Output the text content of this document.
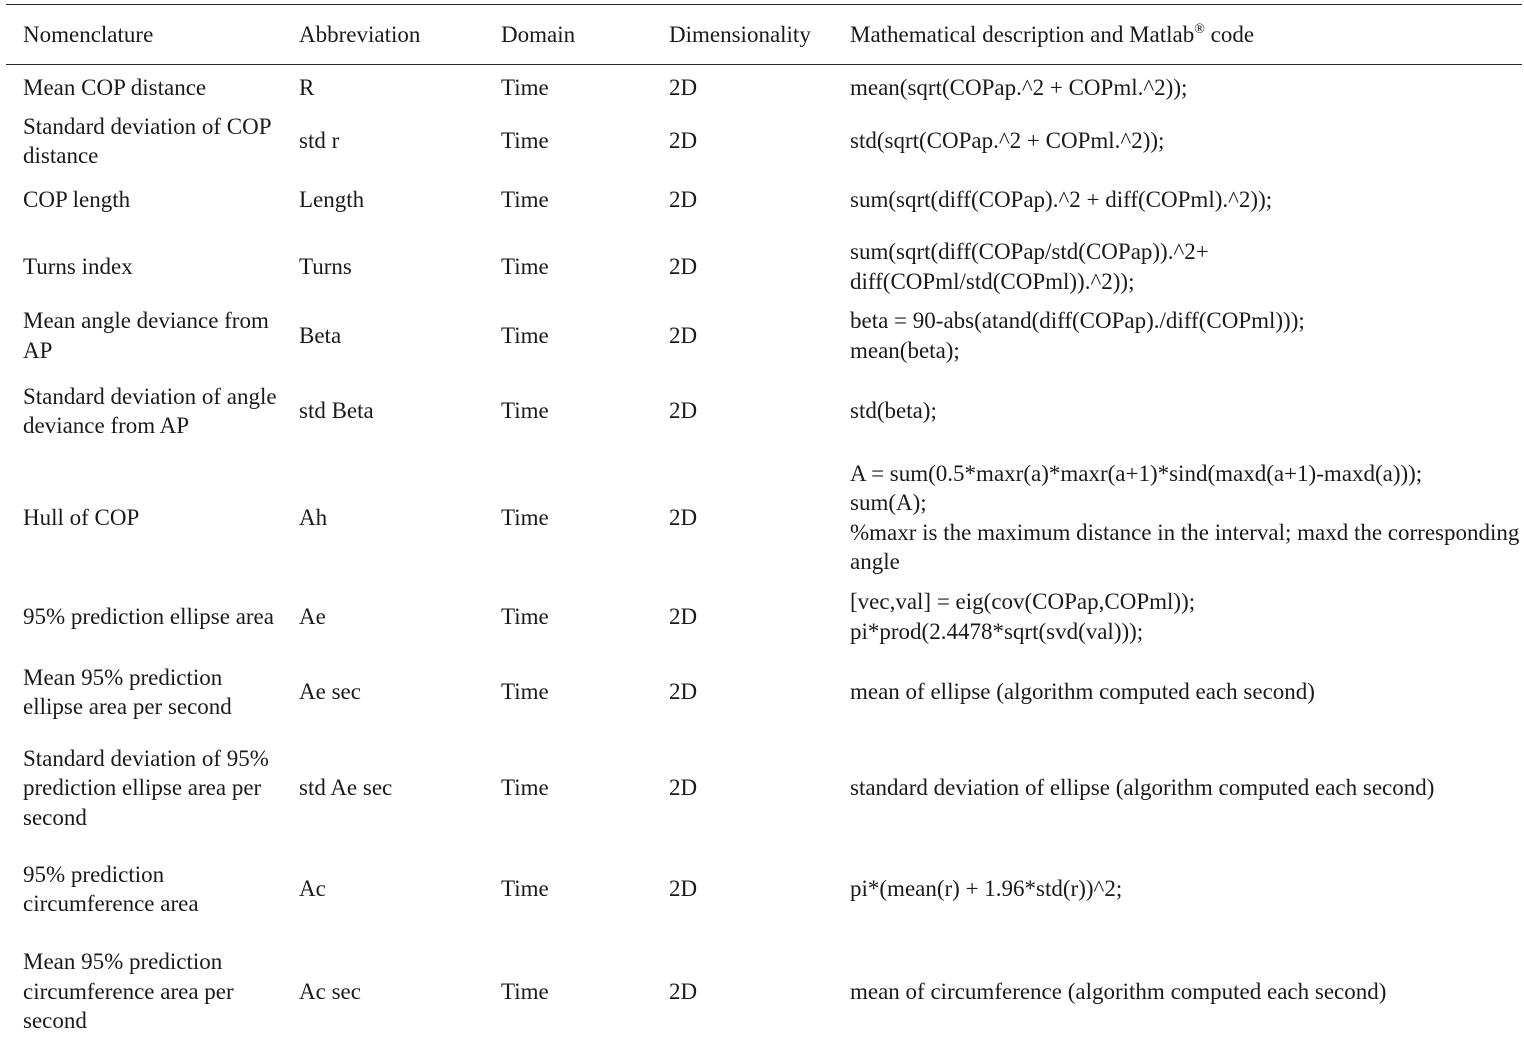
Nomenclature	Abbreviation	Domain	Dimensionality	Mathematical description and Matlab® code
Mean COP distance	R	Time	2D	mean(sqrt(COPap.^2 + COPml.^2));

Standard deviation of COP distance	std r	Time	2D	std(sqrt(COPap.^2 + COPml.^2));

COP length	Length	Time	2D	sum(sqrt(diff(COPap).^2 + diff(COPml).^2));

Turns index	Turns	Time	2D	sum(sqrt(diff(COPap/std(COPap)).^2+
diff(COPml/std(COPml)).^2));

Mean angle deviance from AP	Beta	Time	2D	beta = 90-abs(atand(diff(COPap)./diff(COPml)));
mean(beta);

Standard deviation of angle deviance from AP	std Beta	Time	2D	std(beta);

Hull of COP	Ah	Time	2D	A = sum(0.5*maxr(a)*maxr(a+1)*sind(maxd(a+1)-maxd(a)));
sum(A);
%maxr is the maximum distance in the interval; maxd the corresponding angle

95% prediction ellipse area	Ae	Time	2D	[vec,val] = eig(cov(COPap,COPml));
pi*prod(2.4478*sqrt(svd(val)));

Mean 95% prediction ellipse area per second	Ae sec	Time	2D	mean of ellipse (algorithm computed each second)

Standard deviation of 95% prediction ellipse area per second	std Ae sec	Time	2D	standard deviation of ellipse (algorithm computed each second)

95% prediction circumference area	Ac	Time	2D	pi*(mean(r) + 1.96*std(r))^2;

Mean 95% prediction circumference area per second	Ac sec	Time	2D	mean of circumference (algorithm computed each second)
